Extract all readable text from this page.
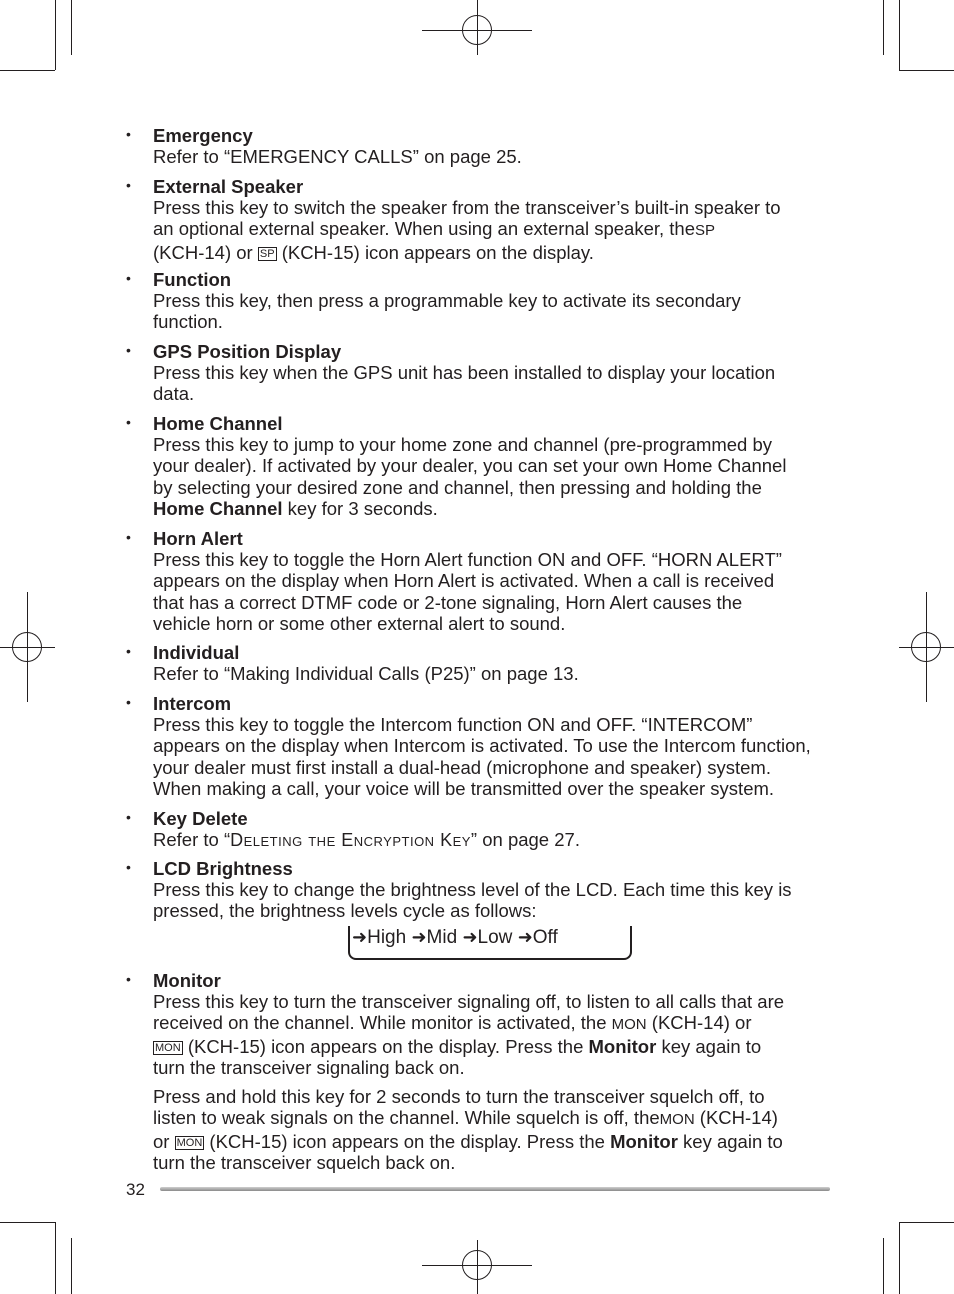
• Emergency
Refer to “EMERGENCY CALLS” on page 25.
• External Speaker
Press this key to switch the speaker from the transceiver’s built-in speaker to
an optional external speaker. When using an external speaker, theSP
(KCH-14) or SP (KCH-15) icon appears on the display.
• Function
Press this key, then press a programmable key to activate its secondary
function.
• GPS Position Display
Press this key when the GPS unit has been installed to display your location
data.
• Home Channel
Press this key to jump to your home zone and channel (pre-programmed by
your dealer). If activated by your dealer, you can set your own Home Channel
by selecting your desired zone and channel, then pressing and holding the
Home Channel key for 3 seconds.
• Horn Alert
Press this key to toggle the Horn Alert function ON and OFF. “HORN ALERT”
appears on the display when Horn Alert is activated. When a call is received
that has a correct DTMF code or 2-tone signaling, Horn Alert causes the
vehicle horn or some other external alert to sound.
• Individual
Refer to “Making Individual Calls (P25)” on page 13.
• Intercom
Press this key to toggle the Intercom function ON and OFF. “INTERCOM”
appears on the display when Intercom is activated. To use the Intercom function,
your dealer must first install a dual-head (microphone and speaker) system.
When making a call, your voice will be transmitted over the speaker system.
• Key Delete
Refer to “Deleting the Encryption Key” on page 27.
• LCD Brightness
Press this key to change the brightness level of the LCD. Each time this key is
pressed, the brightness levels cycle as follows:
➜High ➜Mid ➜Low ➜Off
• Monitor
Press this key to turn the transceiver signaling off, to listen to all calls that are
received on the channel. While monitor is activated, the MON (KCH-14) or
MON (KCH-15) icon appears on the display. Press the Monitor key again to
turn the transceiver signaling back on.
Press and hold this key for 2 seconds to turn the transceiver squelch off, to
listen to weak signals on the channel. While squelch is off, theMON (KCH-14)
or MON (KCH-15) icon appears on the display. Press the Monitor key again to
turn the transceiver squelch back on.
32
